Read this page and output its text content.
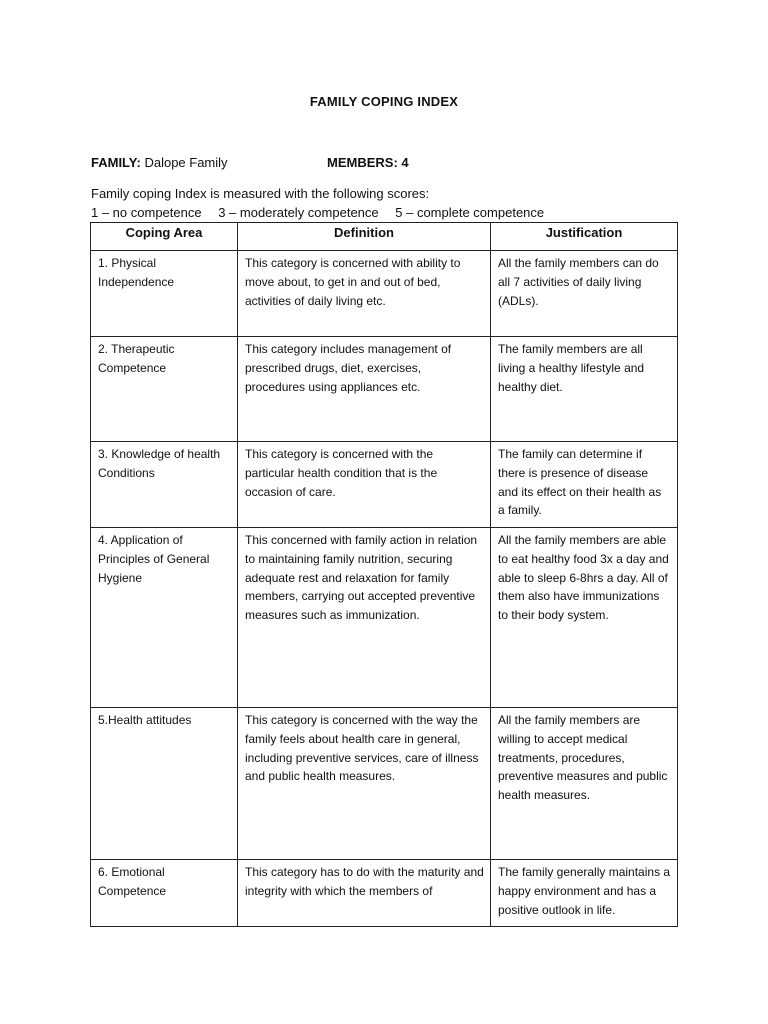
FAMILY COPING INDEX
FAMILY: Dalope Family	MEMBERS: 4
Family coping Index is measured with the following scores:
1 – no competence 3 – moderately competence 5 – complete competence
Coping Area	Definition		Justification
1. Physical Independence	This category is concerned with ability to move about, to get in and out of bed, activities of daily living etc.		All the family members can do all 7 activities of daily living (ADLs).
2. Therapeutic Competence	This category includes management of prescribed drugs, diet, exercises, procedures using appliances etc.		The family members are all living a healthy lifestyle and healthy diet.
3. Knowledge of health Conditions	This category is concerned with the particular health condition that is the occasion of care.		The family can determine if there is presence of disease and its effect on their health as a family.
4. Application of Principles of General Hygiene	This concerned with family action in relation to maintaining family nutrition, securing adequate rest and relaxation for family members, carrying out accepted preventive measures such as immunization.		All the family members are able to eat healthy food 3x a day and able to sleep 6-8hrs a day. All of them also have immunizations to their body system.
5.Health attitudes	This category is concerned with the way the family feels about health care in general, including preventive services, care of illness and public health measures.		All the family members are willing to accept medical treatments, procedures, preventive measures and public health measures.
6. Emotional Competence	This category has to do with the maturity and integrity with which the members of		The family generally maintains a happy environment and has a positive outlook in life.
